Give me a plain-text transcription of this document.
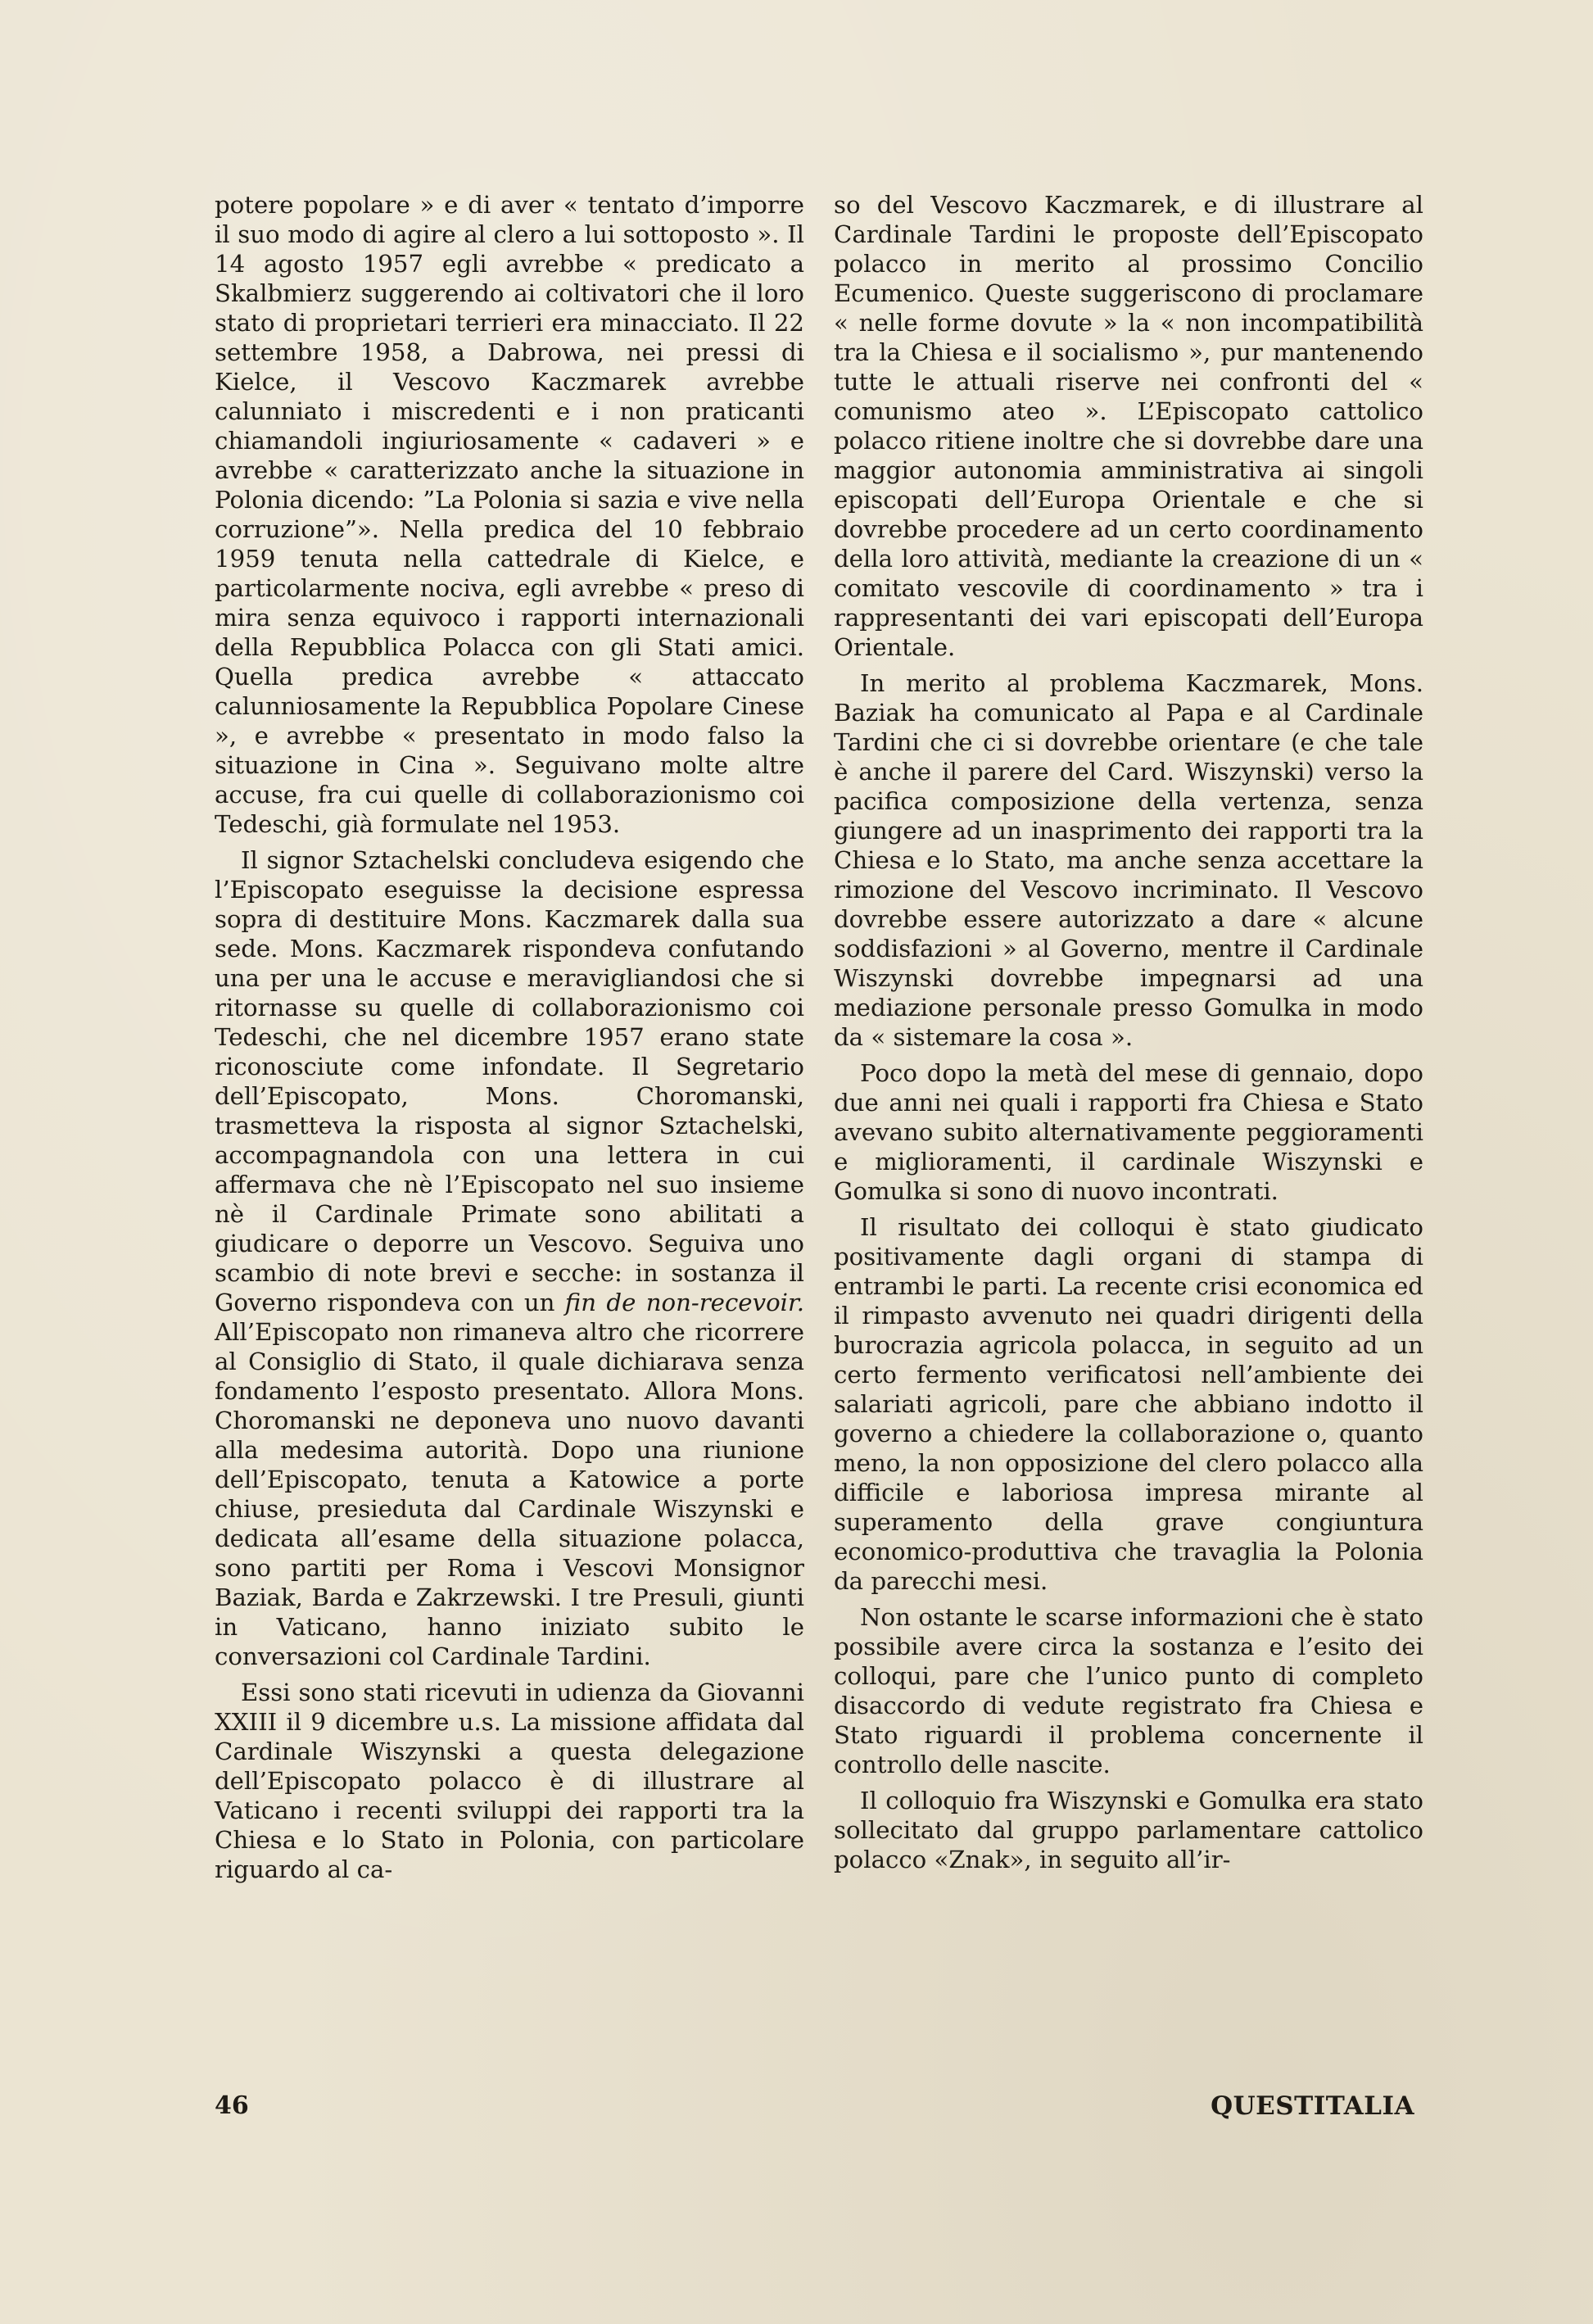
potere popolare » e di aver « tentato d’imporre il suo modo di agire al clero a lui sottoposto ». Il 14 agosto 1957 egli avrebbe « predicato a Skalbmierz suggerendo ai coltivatori che il loro stato di proprietari terrieri era minacciato. Il 22 settembre 1958, a Dabrowa, nei pressi di Kielce, il Vescovo Kaczmarek avrebbe calunniato i miscredenti e i non praticanti chiamandoli ingiuriosamente « cadaveri » e avrebbe « caratterizzato anche la situazione in Polonia dicendo: ”La Polonia si sazia e vive nella corruzione”». Nella predica del 10 febbraio 1959 tenuta nella cattedrale di Kielce, e particolarmente nociva, egli avrebbe « preso di mira senza equivoco i rapporti internazionali della Repubblica Polacca con gli Stati amici. Quella predica avrebbe « attaccato calunniosamente la Repubblica Popolare Cinese », e avrebbe « presentato in modo falso la situazione in Cina ». Seguivano molte altre accuse, fra cui quelle di collaborazionismo coi Tedeschi, già formulate nel 1953.

Il signor Sztachelski concludeva esigendo che l’Episcopato eseguisse la decisione espressa sopra di destituire Mons. Kaczmarek dalla sua sede. Mons. Kaczmarek rispondeva confutando una per una le accuse e meravigliandosi che si ritornasse su quelle di collaborazionismo coi Tedeschi, che nel dicembre 1957 erano state riconosciute come infondate. Il Segretario dell’Episcopato, Mons. Choromanski, trasmetteva la risposta al signor Sztachelski, accompagnandola con una lettera in cui affermava che nè l’Episcopato nel suo insieme nè il Cardinale Primate sono abilitati a giudicare o deporre un Vescovo. Seguiva uno scambio di note brevi e secche: in sostanza il Governo rispondeva con un fin de non-recevoir. All’Episcopato non rimaneva altro che ricorrere al Consiglio di Stato, il quale dichiarava senza fondamento l’esposto presentato. Allora Mons. Choromanski ne deponeva uno nuovo davanti alla medesima autorità. Dopo una riunione dell’Episcopato, tenuta a Katowice a porte chiuse, presieduta dal Cardinale Wiszynski e dedicata all’esame della situazione polacca, sono partiti per Roma i Vescovi Monsignor Baziak, Barda e Zakrzewski. I tre Presuli, giunti in Vaticano, hanno iniziato subito le conversazioni col Cardinale Tardini.

Essi sono stati ricevuti in udienza da Giovanni XXIII il 9 dicembre u.s. La missione affidata dal Cardinale Wiszynski a questa delegazione dell’Episcopato polacco è di illustrare al Vaticano i recenti sviluppi dei rapporti tra la Chiesa e lo Stato in Polonia, con particolare riguardo al ca-

so del Vescovo Kaczmarek, e di illustrare al Cardinale Tardini le proposte dell’Episcopato polacco in merito al prossimo Concilio Ecumenico. Queste suggeriscono di proclamare « nelle forme dovute » la « non incompatibilità tra la Chiesa e il socialismo », pur mantenendo tutte le attuali riserve nei confronti del « comunismo ateo ». L’Episcopato cattolico polacco ritiene inoltre che si dovrebbe dare una maggior autonomia amministrativa ai singoli episcopati dell’Europa Orientale e che si dovrebbe procedere ad un certo coordinamento della loro attività, mediante la creazione di un « comitato vescovile di coordinamento » tra i rappresentanti dei vari episcopati dell’Europa Orientale.

In merito al problema Kaczmarek, Mons. Baziak ha comunicato al Papa e al Cardinale Tardini che ci si dovrebbe orientare (e che tale è anche il parere del Card. Wiszynski) verso la pacifica composizione della vertenza, senza giungere ad un inasprimento dei rapporti tra la Chiesa e lo Stato, ma anche senza accettare la rimozione del Vescovo incriminato. Il Vescovo dovrebbe essere autorizzato a dare « alcune soddisfazioni » al Governo, mentre il Cardinale Wiszynski dovrebbe impegnarsi ad una mediazione personale presso Gomulka in modo da « sistemare la cosa ».

Poco dopo la metà del mese di gennaio, dopo due anni nei quali i rapporti fra Chiesa e Stato avevano subito alternativamente peggioramenti e miglioramenti, il cardinale Wiszynski e Gomulka si sono di nuovo incontrati.

Il risultato dei colloqui è stato giudicato positivamente dagli organi di stampa di entrambi le parti. La recente crisi economica ed il rimpasto avvenuto nei quadri dirigenti della burocrazia agricola polacca, in seguito ad un certo fermento verificatosi nell’ambiente dei salariati agricoli, pare che abbiano indotto il governo a chiedere la collaborazione o, quanto meno, la non opposizione del clero polacco alla difficile e laboriosa impresa mirante al superamento della grave congiuntura economico-produttiva che travaglia la Polonia da parecchi mesi.

Non ostante le scarse informazioni che è stato possibile avere circa la sostanza e l’esito dei colloqui, pare che l’unico punto di completo disaccordo di vedute registrato fra Chiesa e Stato riguardi il problema concernente il controllo delle nascite.

Il colloquio fra Wiszynski e Gomulka era stato sollecitato dal gruppo parlamentare cattolico polacco «Znak», in seguito all’ir-

46	QUESTITALIA
